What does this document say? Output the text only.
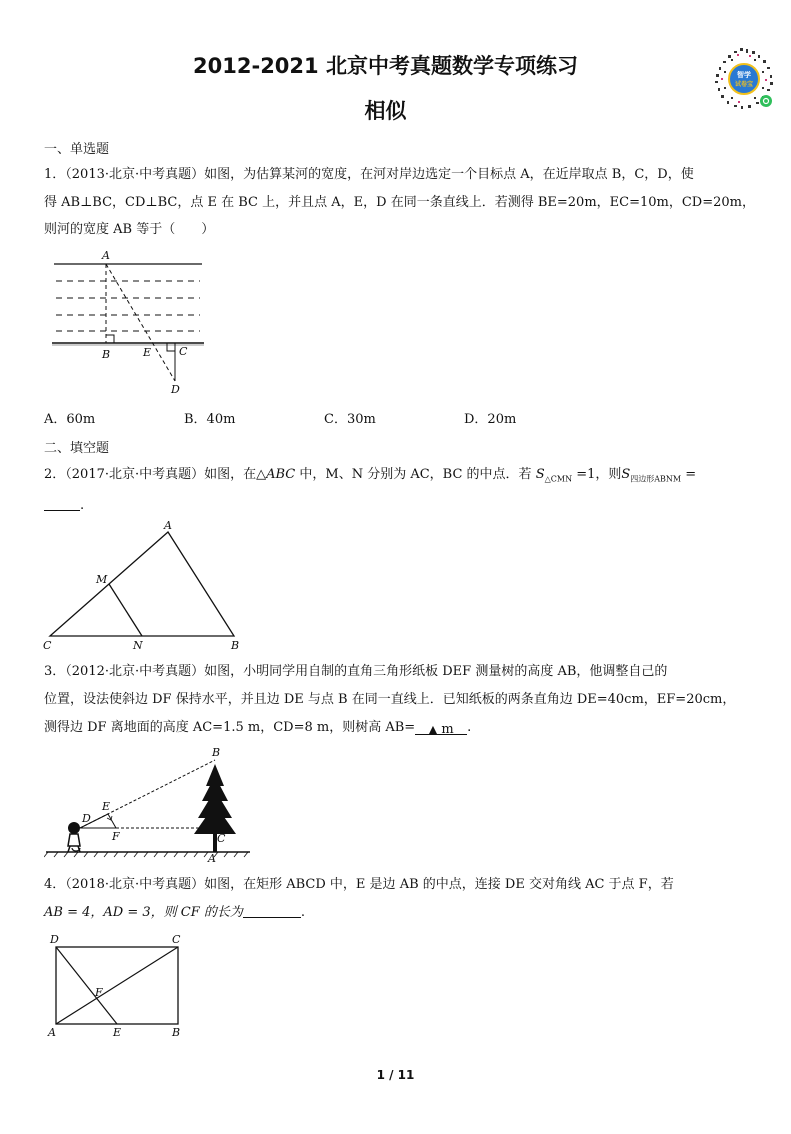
2012-2021 北京中考真题数学专项练习
相似
智学
试卷宝
一、单选题
1．（2013·北京·中考真题）如图，为估算某河的宽度，在河对岸边选定一个目标点 A，在近岸取点 B，C，D，使
得 AB⊥BC，CD⊥BC，点 E 在 BC 上，并且点 A，E，D 在同一条直线上．若测得 BE=20m，EC=10m，CD=20m，
则河的宽度 AB 等于（　　）
A
B	E	C
D
A．60m	B．40m	C．30m	D．20m
二、填空题
2．（2017·北京·中考真题）如图，在△ABC 中，M、N 分别为 AC，BC 的中点．若 $S_{\triangle CMN} =1$，则$S_{四边形ABNM}$ =
.
A
M
C	N	B
3．（2012·北京·中考真题）如图，小明同学用自制的直角三角形纸板 DEF 测量树的高度 AB，他调整自己的
位置，设法使斜边 DF 保持水平，并且边 DE 与点 B 在同一直线上．已知纸板的两条直角边 DE=40cm，EF=20cm，
测得边 DF 离地面的高度 AC=1.5 m，CD=8 m，则树高 AB= ▲ m .
B
E
D
F	C
A
4．（2018·北京·中考真题）如图，在矩形 ABCD 中，E 是边 AB 的中点，连接 DE 交对角线 AC 于点 F，若
AB = 4，AD = 3，则 CF 的长为	.
D	C
F
A	E	B
1 / 11
